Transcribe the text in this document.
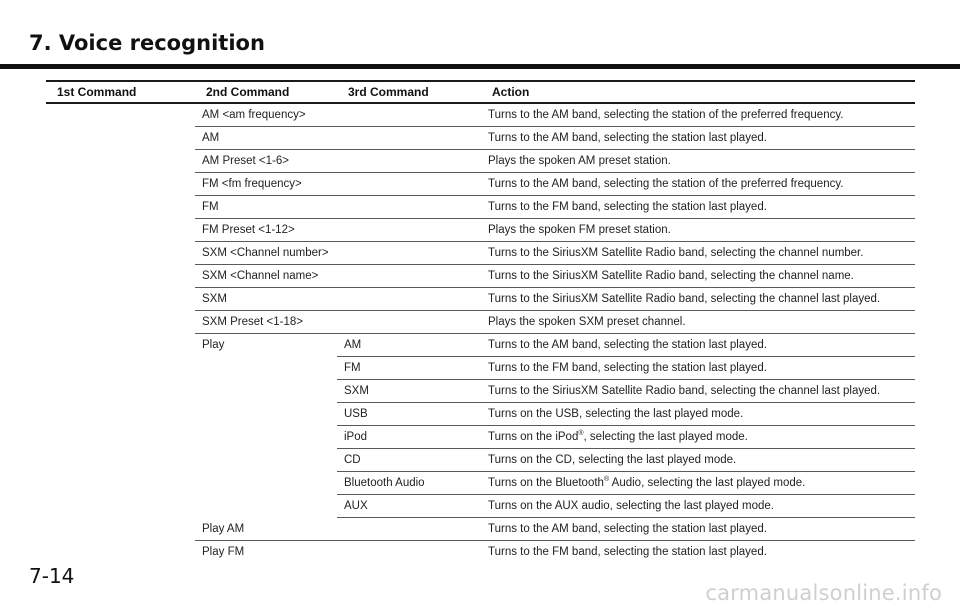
7. Voice recognition
1st Command	2nd Command	3rd Command	Action
	AM <am frequency>		Turns to the AM band, selecting the station of the preferred frequency.
	AM		Turns to the AM band, selecting the station last played.
	AM Preset <1-6>		Plays the spoken AM preset station.
	FM <fm frequency>		Turns to the AM band, selecting the station of the preferred frequency.
	FM		Turns to the FM band, selecting the station last played.
	FM Preset <1-12>		Plays the spoken FM preset station.
	SXM <Channel number>		Turns to the SiriusXM Satellite Radio band, selecting the channel number.
	SXM <Channel name>		Turns to the SiriusXM Satellite Radio band, selecting the channel name.
	SXM		Turns to the SiriusXM Satellite Radio band, selecting the channel last played.
	SXM Preset <1-18>		Plays the spoken SXM preset channel.
	Play	AM	Turns to the AM band, selecting the station last played.
		FM	Turns to the FM band, selecting the station last played.
		SXM	Turns to the SiriusXM Satellite Radio band, selecting the channel last played.
		USB	Turns on the USB, selecting the last played mode.
		iPod	Turns on the iPod®, selecting the last played mode.
		CD	Turns on the CD, selecting the last played mode.
		Bluetooth Audio	Turns on the Bluetooth® Audio, selecting the last played mode.
		AUX	Turns on the AUX audio, selecting the last played mode.
	Play AM		Turns to the AM band, selecting the station last played.
	Play FM		Turns to the FM band, selecting the station last played.
7-14
carmanualsonline.info
